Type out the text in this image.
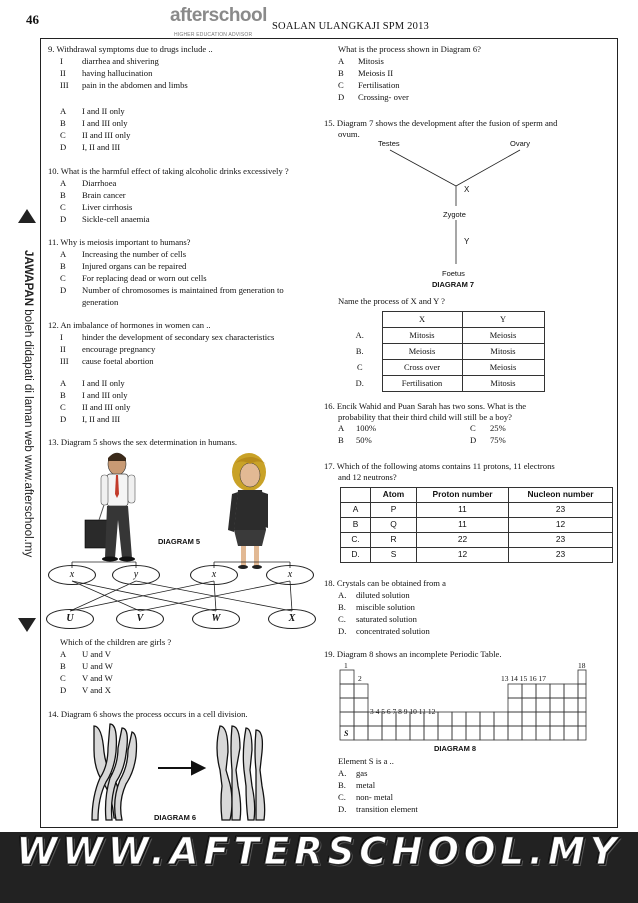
46	afterschool
HIGHER EDUCATION ADVISOR
SOALAN ULANGKAJI SPM 2013
JAWAPAN boleh didapati di laman web www.afterschool.my
9. Withdrawal symptoms due to drugs include ..
I diarrhea and shivering
II having hallucination
III pain in the abdomen and limbs
A I and II only
B I and III only
C II and III only
D I, II and III
10. What is the harmful effect of taking alcoholic drinks excessively ?
A Diarrhoea
B Brain cancer
C Liver cirrhosis
D Sickle-cell anaemia
11. Why is meiosis important to humans?
A Increasing the number of cells
B Injured organs can be repaired
C For replacing dead or worn out cells
D Number of chromosomes is maintained from generation to
generation
12. An imbalance of hormones in women can ..
I hinder the development of secondary sex characteristics
II encourage pregnancy
III cause foetal abortion
A I and II only
B I and III only
C II and III only
D I, II and III
13. Diagram 5 shows the sex determination in humans.
DIAGRAM 5
x	y	x	x
U	V	W	X
Which of the children are girls ?
A U and V
B U and W
C V and W
D V and X
14. Diagram 6 shows the process occurs in a cell division.
DIAGRAM 6
What is the process shown in Diagram 6?
A Mitosis
B Meiosis II
C Fertilisation
D Crossing- over
15. Diagram 7 shows the development after the fusion of sperm and
ovum.
Testes	Ovary
X
Zygote
Y
Foetus
DIAGRAM 7
Name the process of X and Y ?
	X	Y
A.	Mitosis	Meiosis
B.	Meiosis	Mitosis
C	Cross over	Meiosis
D.	Fertilisation	Mitosis
16. Encik Wahid and Puan Sarah has two sons. What is the
probability that their third child will still be a boy?
A 100%
B 50%
C 25%
D 75%
17. Which of the following atoms contains 11 protons, 11 electrons
and 12 neutrons?
	Atom	Proton number	Nucleon number
A	P	11	23
B	Q	11	12
C.	R	22	23
D.	S	12	23
18. Crystals can be obtained from a
A. diluted solution
B. miscible solution
C. saturated solution
D. concentrated solution
19. Diagram 8 shows an incomplete Periodic Table.
1	18
2	13 14 15 16 17
3 4 5 6 7 8 9 10 11 12
S
DIAGRAM 8
Element S is a ..
A. gas
B. metal
C. non- metal
D. transition element
WWW.AFTERSCHOOL.MY
